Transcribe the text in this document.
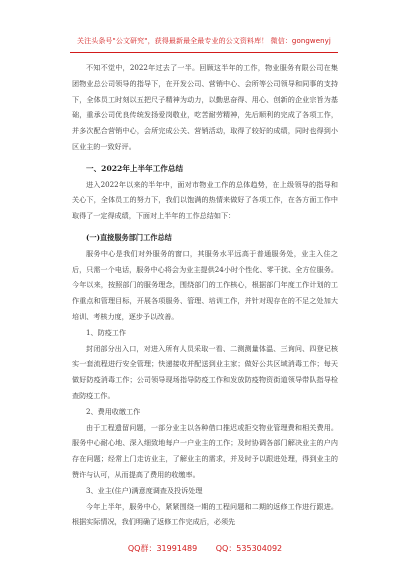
关注头条号"公文研究"，获得最新最全最专业的公文资料库！ 微信：gongwenyj

不知不觉中，2022年过去了一半。回顾这半年的工作，物业服务有限公司在集团物业总公司领导的指导下，在开发公司、营销中心、会所等公司领导和同事的支持下，全体员工时刻以五把尺子精神为动力，以勤思奋得、用心、创新的企业宗旨为基础，重承公司优良传统发扬爱岗敬业，吃苦耐劳精神，先后顺利的完成了各项工作，并多次配合营销中心，会所完成公关、营销活动，取得了较好的成绩，同时也得到小区业主的一致好评。

一、2022年上半年工作总结

进入2022年以来的半年中，面对市物业工作的总体趋势，在上级领导的指导和关心下，全体员工的努力下，我们以饱满的热情来做好了各项工作，在各方面工作中取得了一定得成绩，下面对上半年的工作总结如下：

(一)直接服务部门工作总结

服务中心是我们对外服务的窗口，其服务水平远高于普通服务处，业主入住之后，只需一个电话，服务中心将会为业主提供24小时个性化、零干扰、全方位服务。今年以来，按照部门的服务理念，围绕部门的工作核心，根据部门年度工作计划的工作重点和管理目标，开展各项服务、管理、培训工作，并针对现存在的不足之处加大培训、考核力度，逐步予以改善。

1、防疫工作

封闭部分出入口，对进入所有人员采取一看、二测测量体温、三询问、四登记核实一套流程进行安全管理；快递接收并配送到业主家；做好公共区域消毒工作；每天做好防疫消毒工作；公司领导现场指导防疫工作和发放防疫物资街道领导带队指导检查防疫工作。

2、费用收缴工作

由于工程遗留问题，一部分业主以各种借口推迟或拒交物业管理费和相关费用。服务中心耐心地、深入细致地每户一户业主的工作；及时协调各部门解决业主的户内存在问题；经常上门走访业主，了解业主的需求，并及时予以跟进处理，得到业主的赞许与认可，从而提高了费用的收缴率。

3、业主(住户)满意度调查及投诉处理

今年上半年，服务中心，紧紧围绕一期的工程问题和二期的返修工作进行跟进。根据实际情况，我们明确了返修工作完成后，必须先

QQ群：31991489 QQ：535304092
